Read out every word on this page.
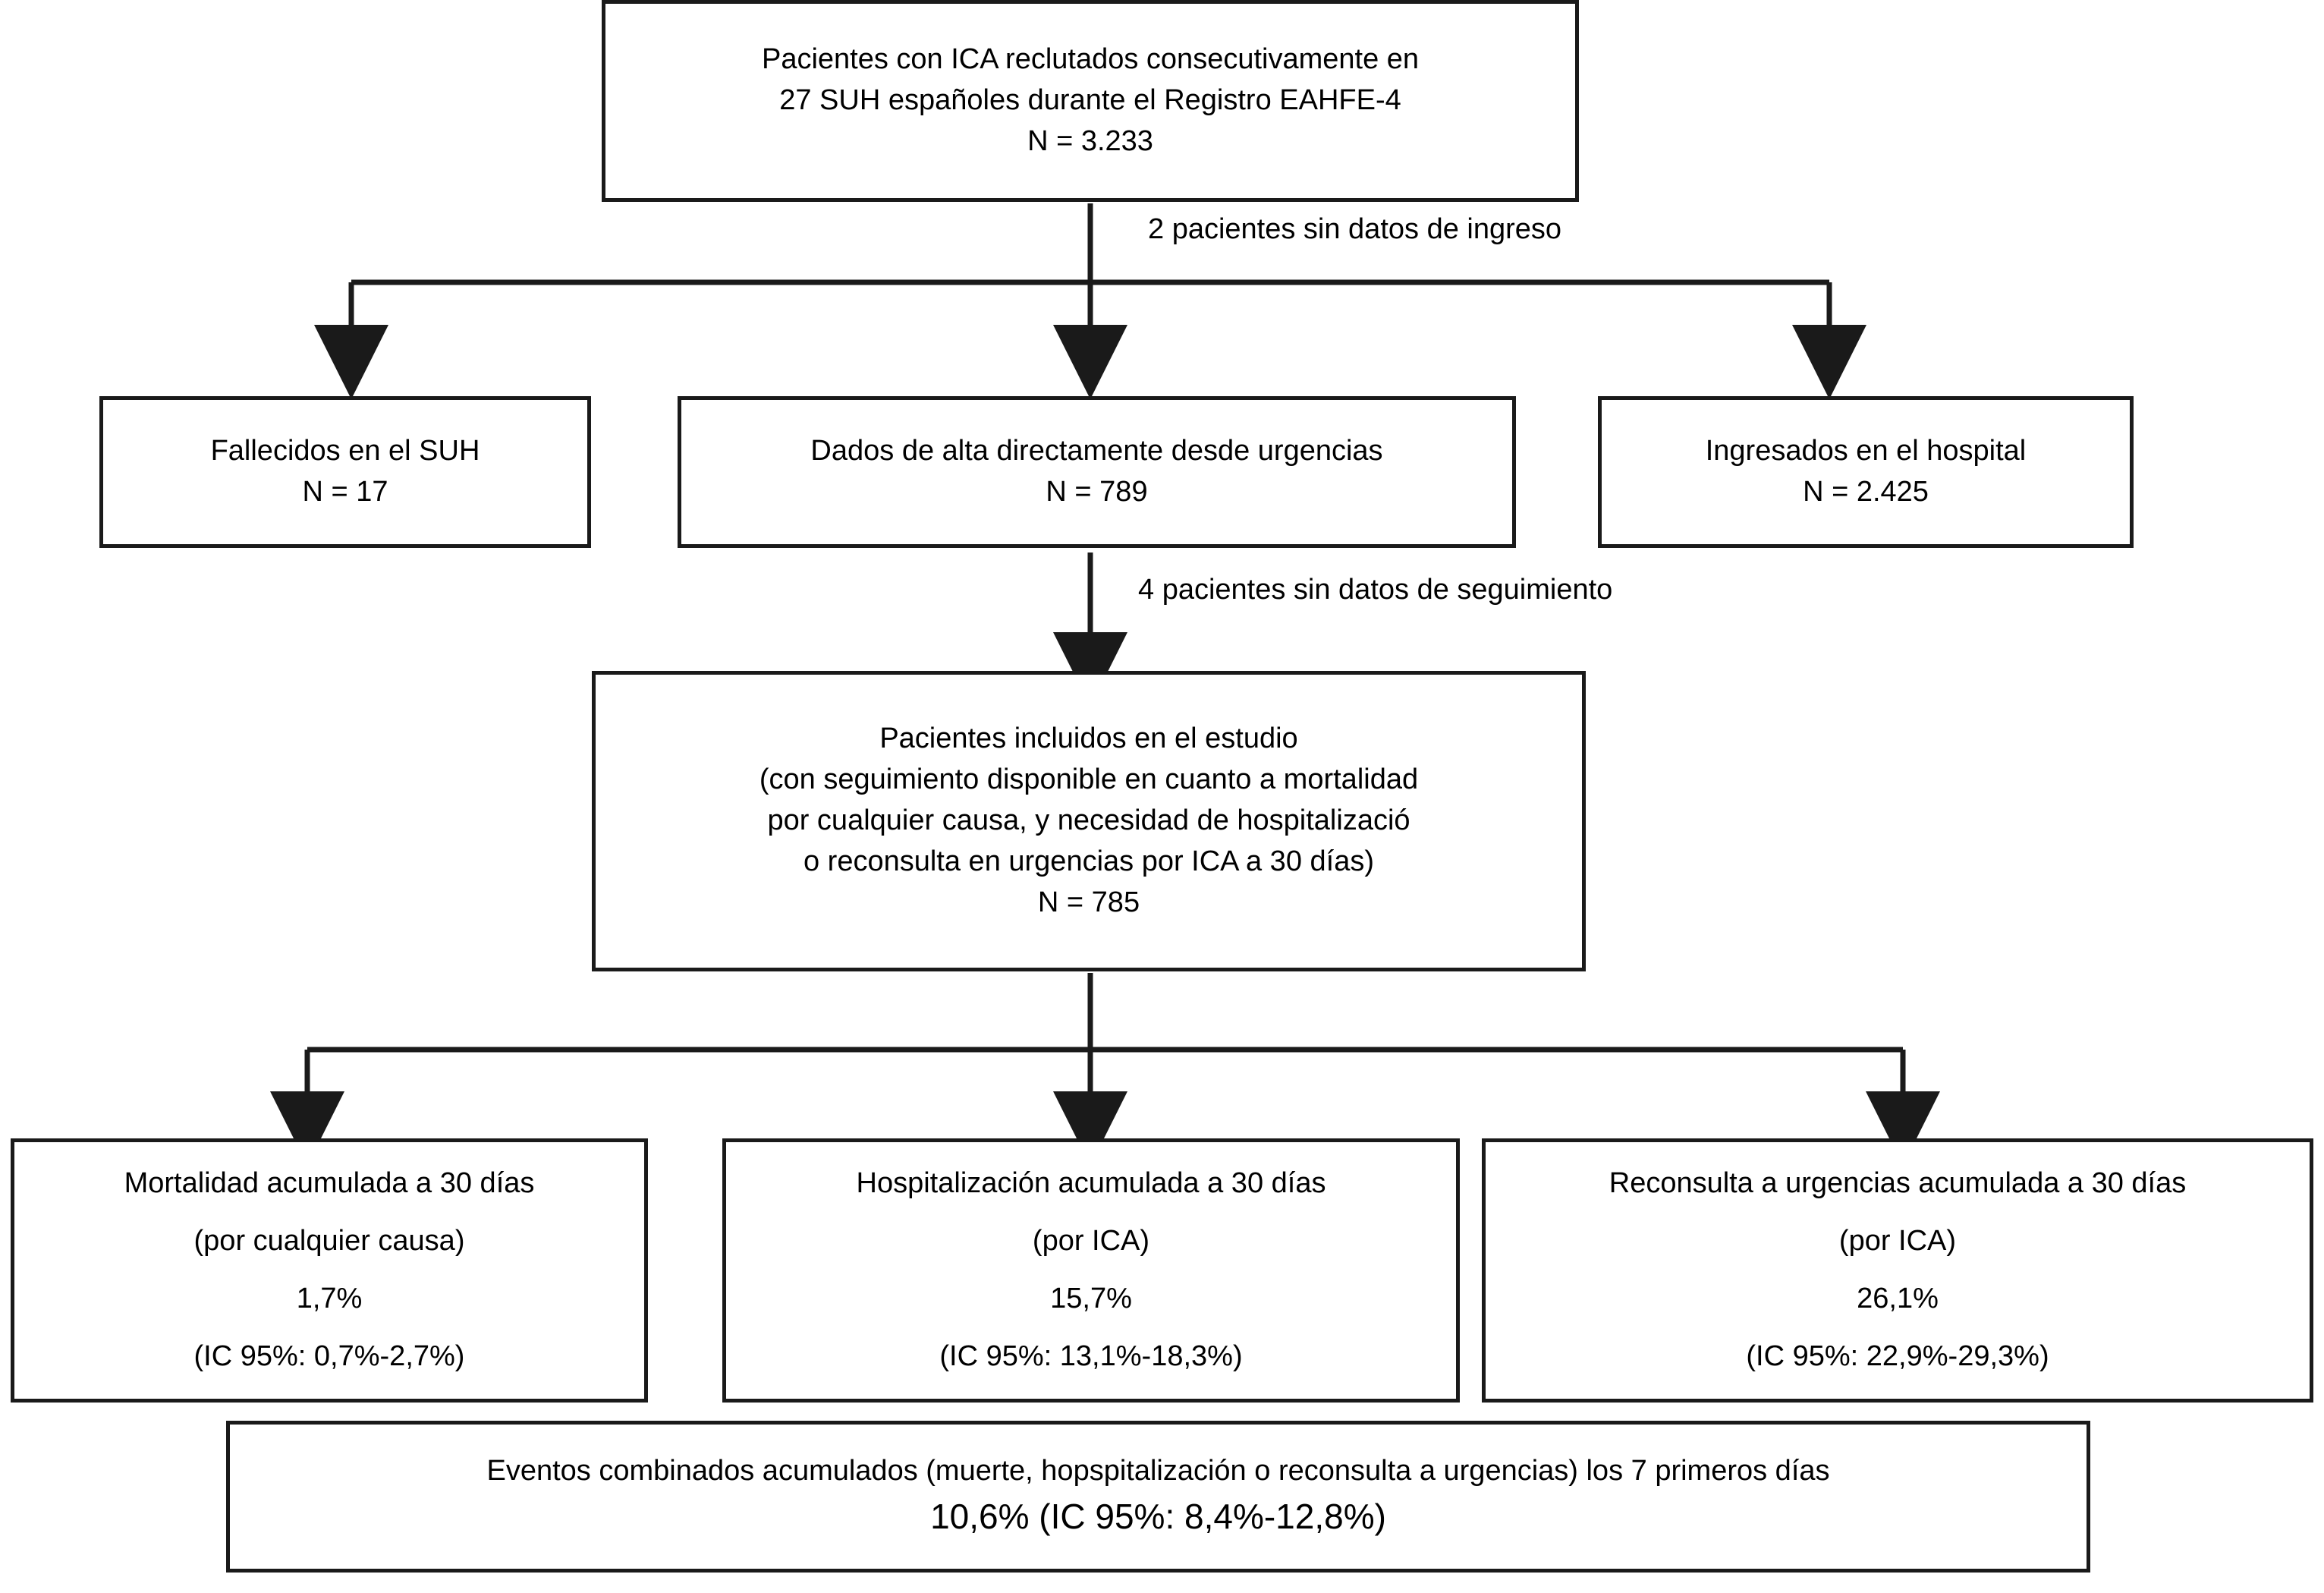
Pacientes con ICA reclutados consecutivamente en
27 SUH españoles durante el Registro EAHFE-4
N = 3.233
2 pacientes sin datos de ingreso
Fallecidos en el SUH
N = 17
Dados de alta directamente desde urgencias
N = 789
Ingresados en el hospital
N = 2.425
4 pacientes sin datos de seguimiento
Pacientes incluidos en el estudio
(con seguimiento disponible en cuanto a mortalidad
por cualquier causa, y necesidad de hospitalizació
o reconsulta en urgencias por ICA a 30 días)
N = 785
Mortalidad acumulada a 30 días
(por cualquier causa)
1,7%
(IC 95%: 0,7%-2,7%)
Hospitalización acumulada a 30 días
(por ICA)
15,7%
(IC 95%: 13,1%-18,3%)
Reconsulta a urgencias acumulada a 30 días
(por ICA)
26,1%
(IC 95%: 22,9%-29,3%)
Eventos combinados acumulados (muerte, hopspitalización o reconsulta a urgencias) los 7 primeros días
10,6% (IC 95%: 8,4%-12,8%)
